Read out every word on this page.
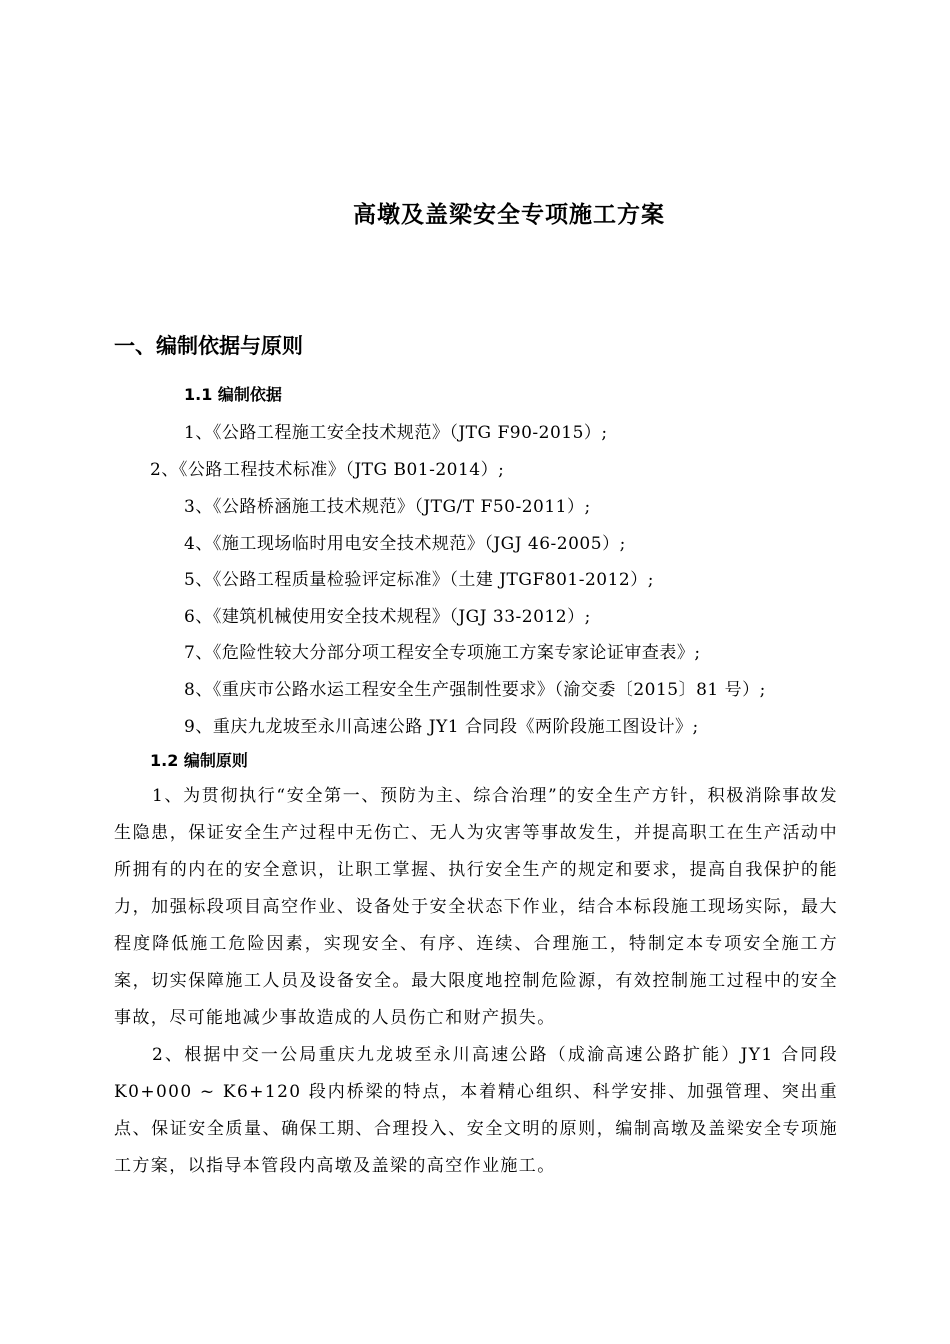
高墩及盖梁安全专项施工方案
一、编制依据与原则
1.1 编制依据
1、《公路工程施工安全技术规范》（JTG F90-2015）;
2、《公路工程技术标准》（JTG B01-2014）;
3、《公路桥涵施工技术规范》（JTG/T F50-2011）;
4、《施工现场临时用电安全技术规范》（JGJ 46-2005）;
5、《公路工程质量检验评定标准》（土建 JTGF801-2012）;
6、《建筑机械使用安全技术规程》（JGJ 33-2012）;
7、《危险性较大分部分项工程安全专项施工方案专家论证审查表》;
8、《重庆市公路水运工程安全生产强制性要求》（渝交委〔2015〕81 号）;
9、重庆九龙坡至永川高速公路 JY1 合同段《两阶段施工图设计》;
1.2 编制原则
1、为贯彻执行“安全第一、预防为主、综合治理”的安全生产方针，积极消除事故发生隐患，保证安全生产过程中无伤亡、无人为灾害等事故发生，并提高职工在生产活动中所拥有的内在的安全意识，让职工掌握、执行安全生产的规定和要求，提高自我保护的能力，加强标段项目高空作业、设备处于安全状态下作业，结合本标段施工现场实际，最大程度降低施工危险因素，实现安全、有序、连续、合理施工，特制定本专项安全施工方案，切实保障施工人员及设备安全。最大限度地控制危险源，有效控制施工过程中的安全事故，尽可能地减少事故造成的人员伤亡和财产损失。
2、根据中交一公局重庆九龙坡至永川高速公路（成渝高速公路扩能）JY1 合同段 K0+000 ~ K6+120 段内桥梁的特点，本着精心组织、科学安排、加强管理、突出重点、保证安全质量、确保工期、合理投入、安全文明的原则，编制高墩及盖梁安全专项施工方案，以指导本管段内高墩及盖梁的高空作业施工。
